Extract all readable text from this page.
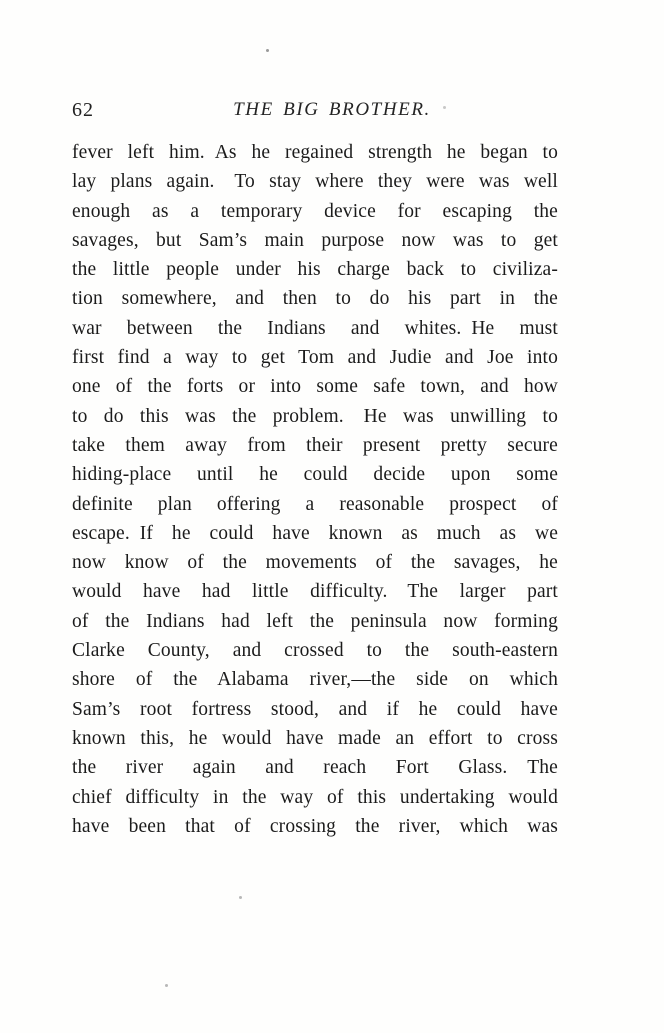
62	THE BIG BROTHER.
fever left him. As he regained strength he began to
lay plans again.  To stay where they were was well
enough as a temporary device for escaping the
savages, but Sam’s main purpose now was to get
the little people under his charge back to civiliza-
tion somewhere, and then to do his part in the
war between the Indians and whites. He must
first find a way to get Tom and Judie and Joe into
one of the forts or into some safe town, and how
to do this was the problem.  He was unwilling to
take them away from their present pretty secure
hiding-place until he could decide upon some
definite plan offering a reasonable prospect of
escape. If he could have known as much as we
now know of the movements of the savages, he
would have had little difficulty.  The larger part
of the Indians had left the peninsula now forming
Clarke County, and crossed to the south-eastern
shore of the Alabama river,—the side on which
Sam’s root fortress stood, and if he could have
known this, he would have made an effort to cross
the river again and reach Fort Glass.  The
chief difficulty in the way of this undertaking would
have been that of crossing the river, which was
